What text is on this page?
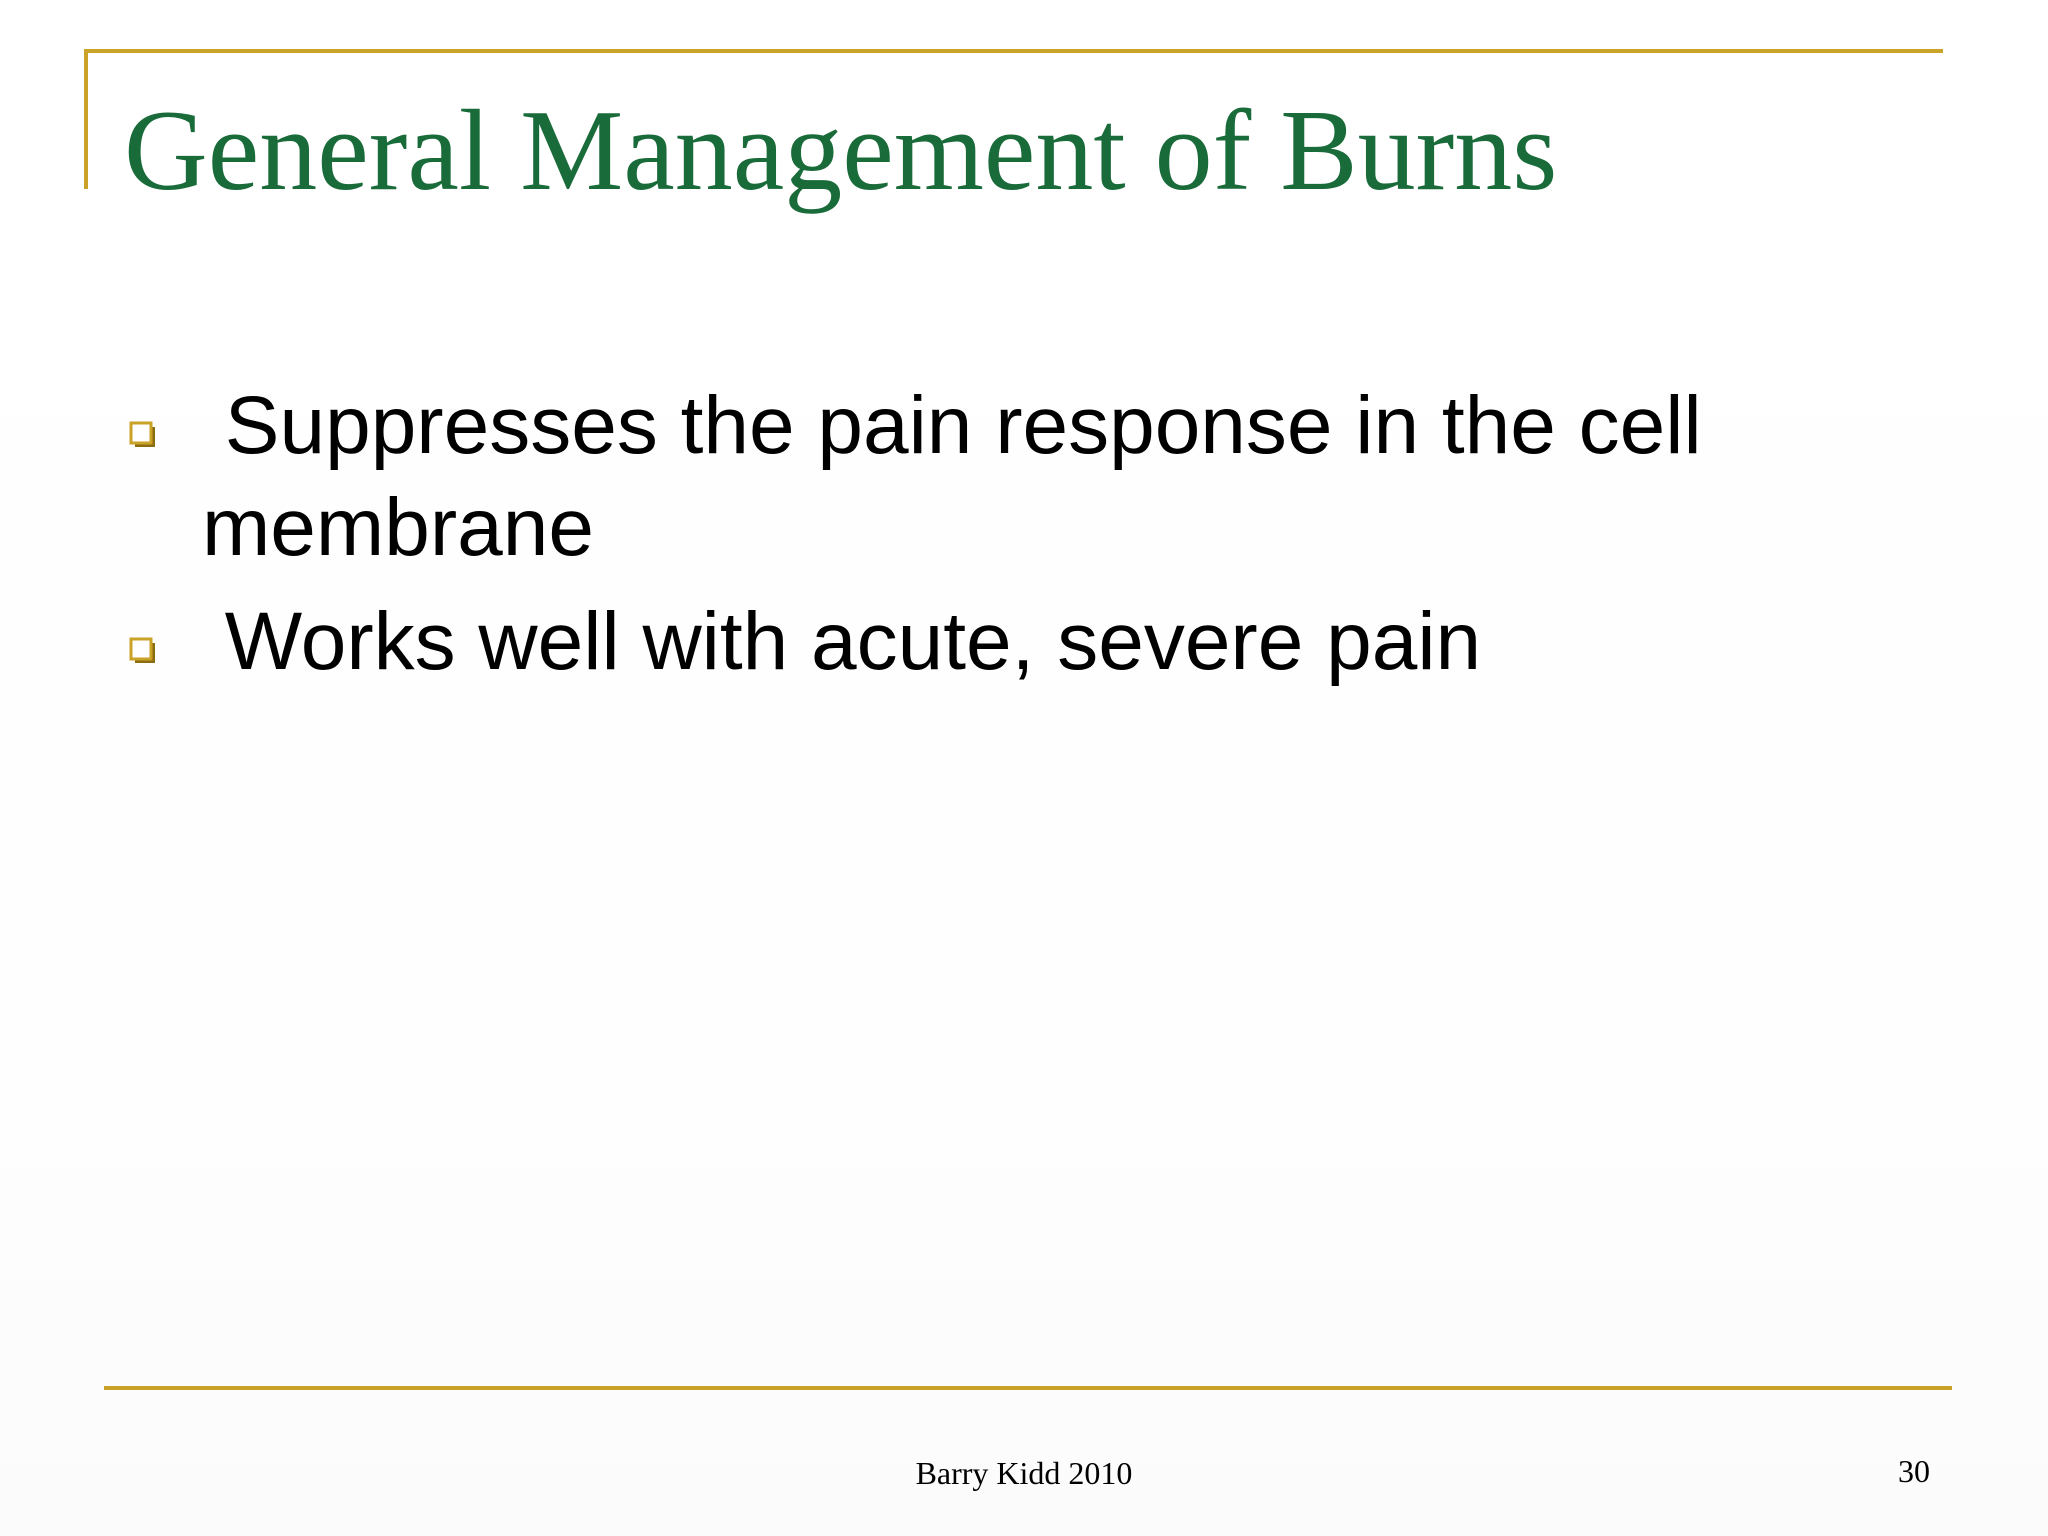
General Management of Burns
Suppresses the pain response in the cell membrane
Works well with acute, severe pain
Barry Kidd 2010	30
